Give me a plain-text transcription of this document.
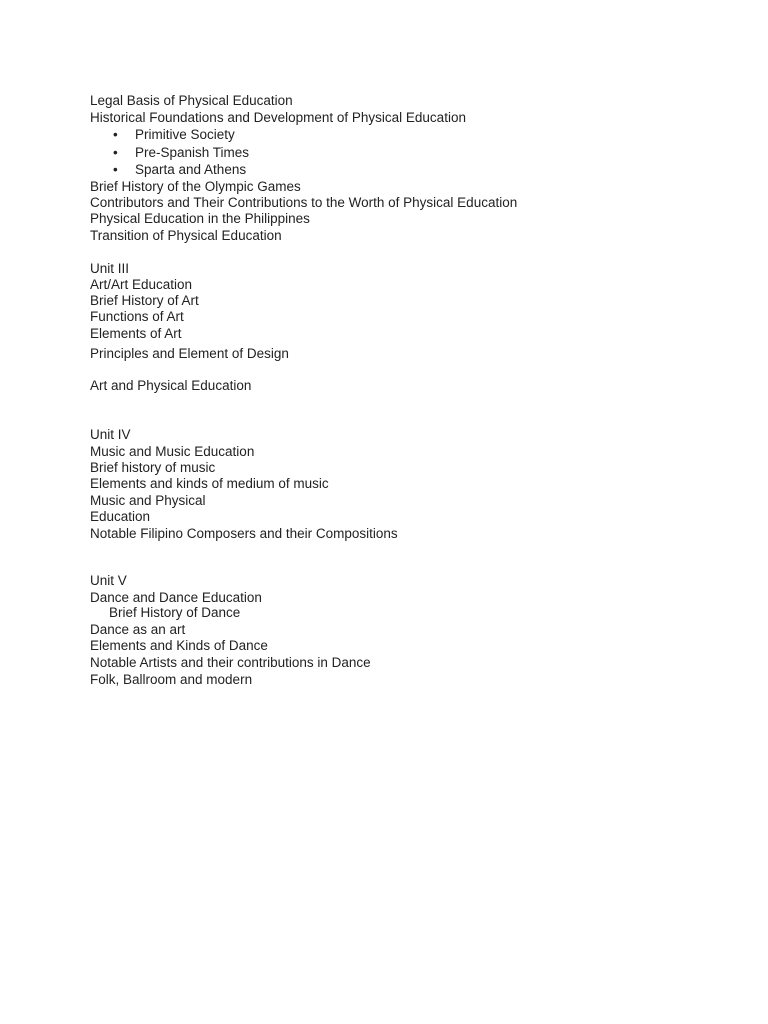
Legal Basis of Physical Education
Historical Foundations and Development of Physical Education
• Primitive Society
• Pre-Spanish Times
• Sparta and Athens
Brief History of the Olympic Games
Contributors and Their Contributions to the Worth of Physical Education
Physical Education in the Philippines
Transition of Physical Education
Unit III
Art/Art Education
Brief History of Art
Functions of Art
Elements of Art
Principles and Element of Design
Art and Physical Education
Unit IV
Music and Music Education
Brief history of music
Elements and kinds of medium of music
Music and Physical
Education
Notable Filipino Composers and their Compositions
Unit V
Dance and Dance Education
Brief History of Dance
Dance as an art
Elements and Kinds of Dance
Notable Artists and their contributions in Dance
Folk, Ballroom and modern
